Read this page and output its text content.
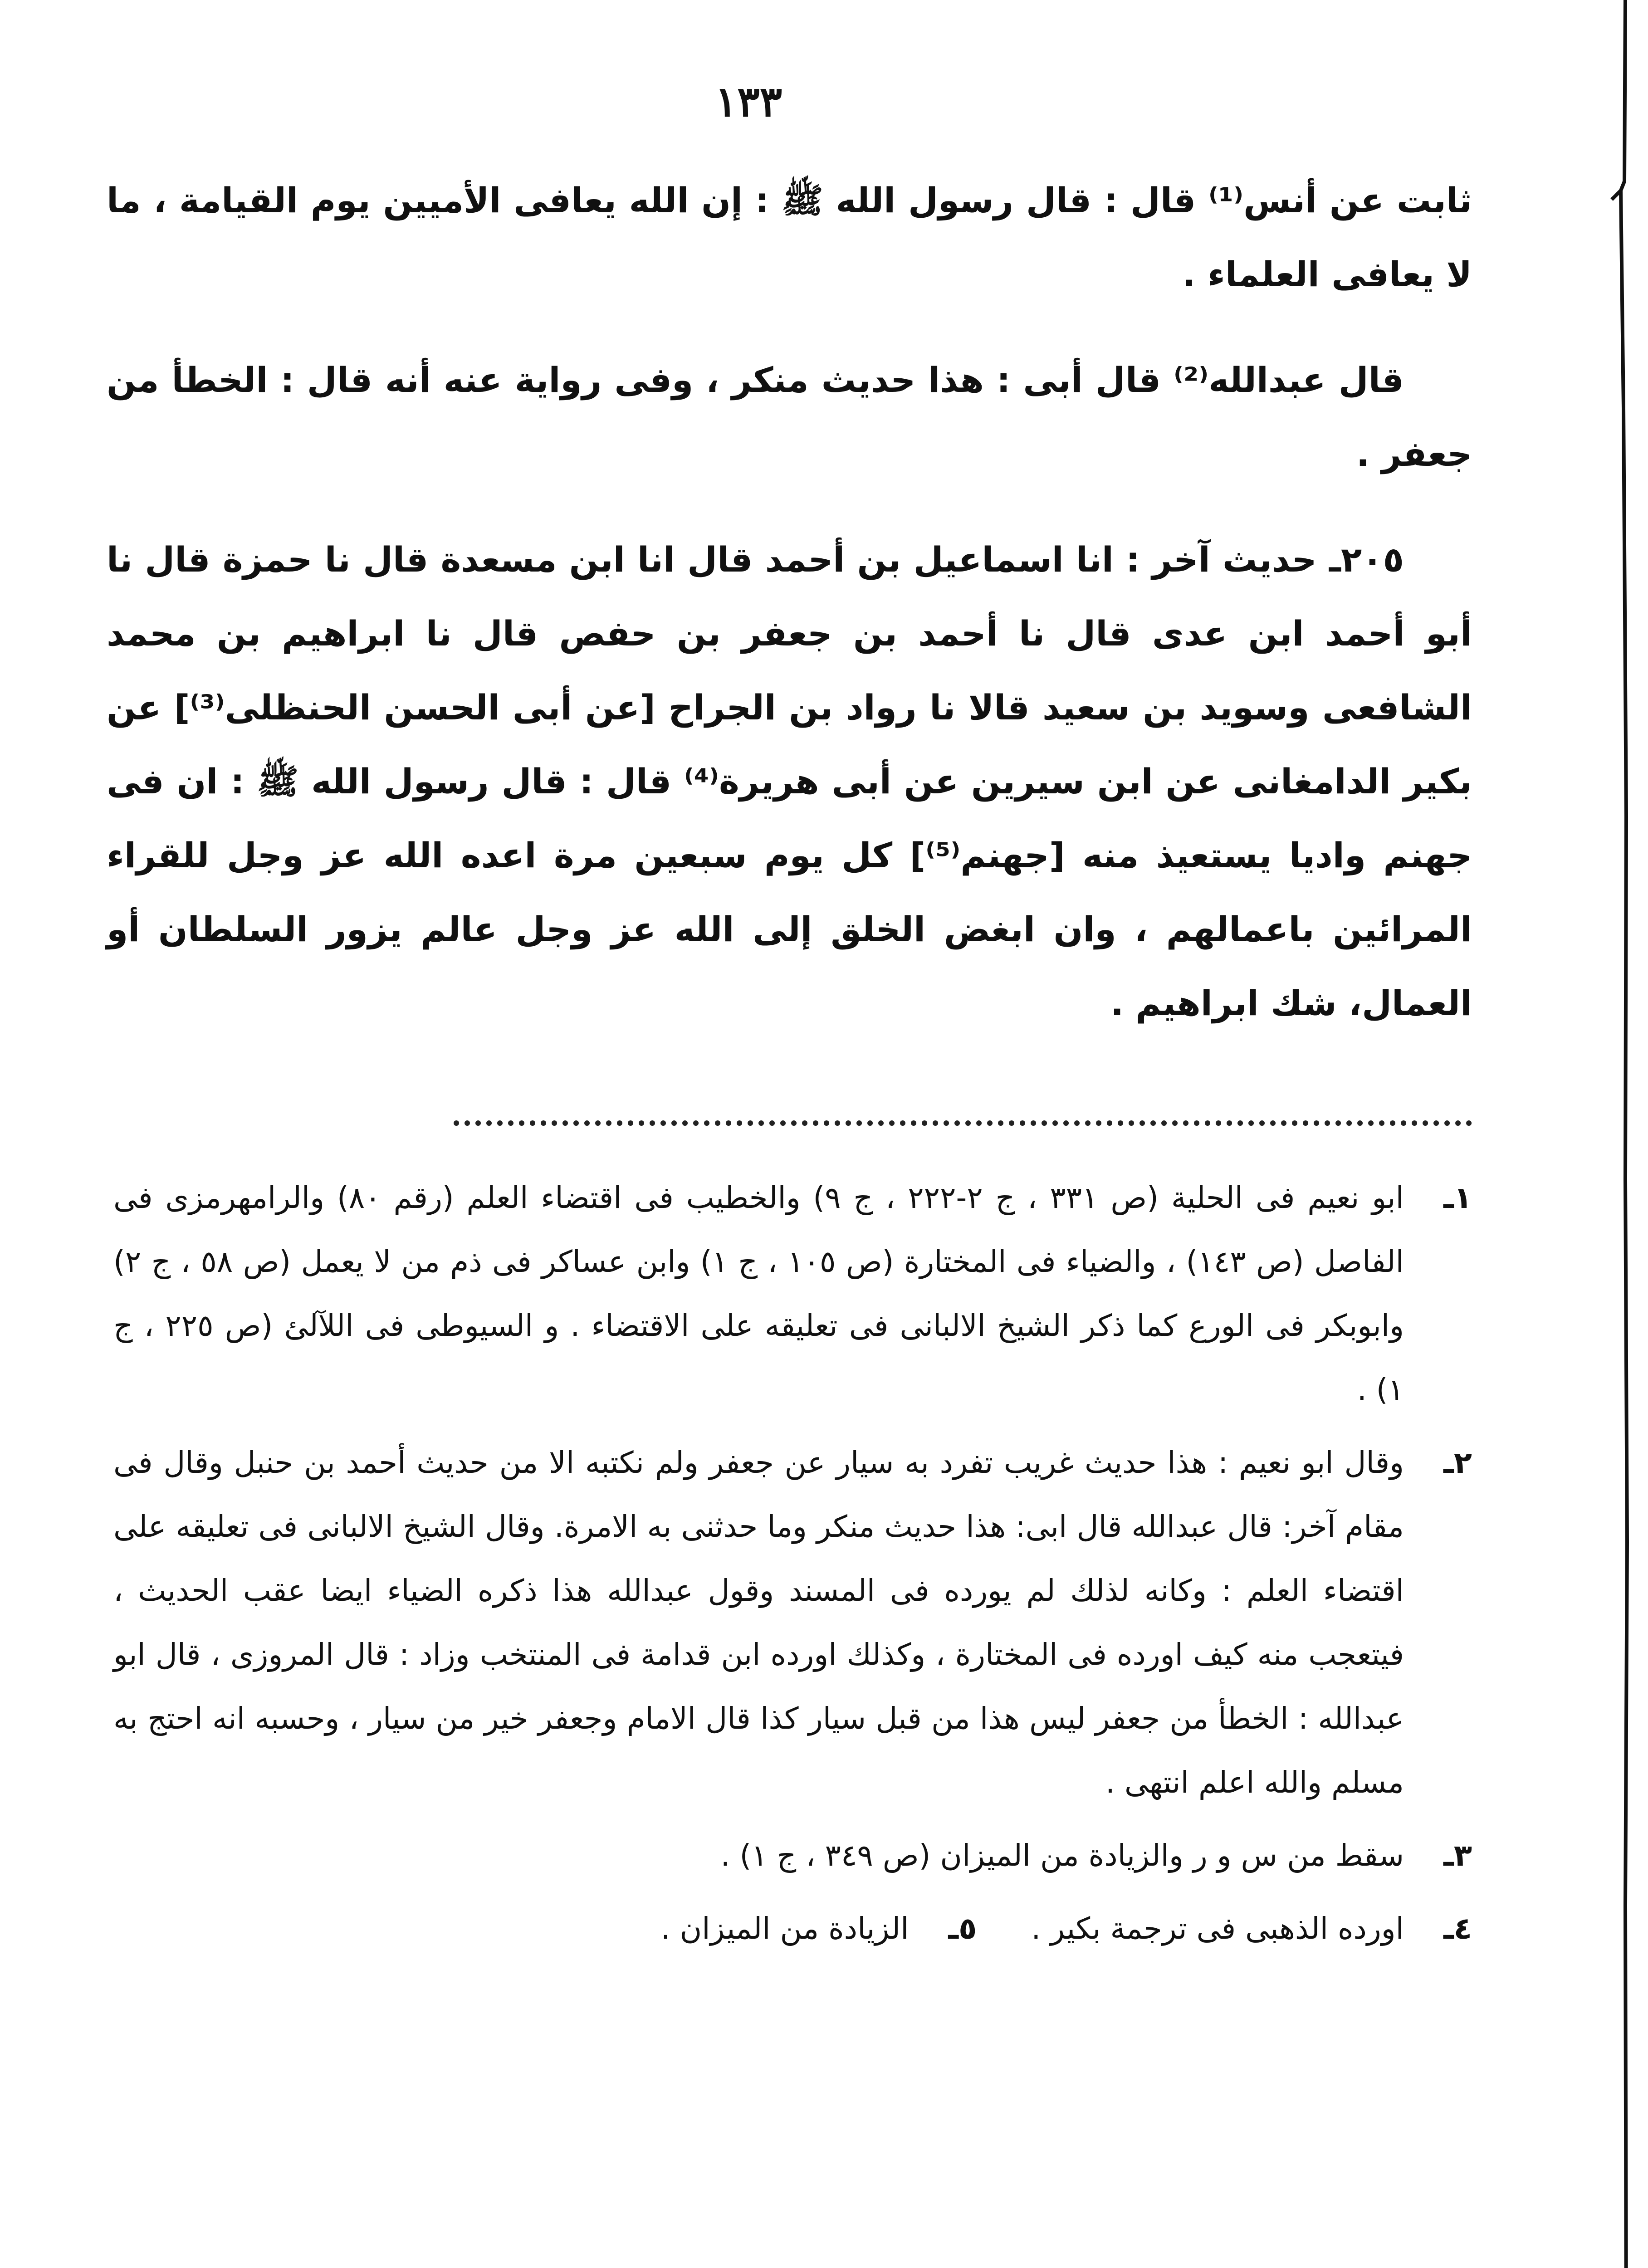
١٣٣

ثابت عن أنس⁽¹⁾ قال : قال رسول الله ﷺ : إن الله يعافى الأميين يوم القيامة ، ما لا يعافى العلماء .

قال عبدالله⁽²⁾ قال أبى : هذا حديث منكر ، وفى رواية عنه أنه قال : الخطأ من جعفر .

٢٠٥ـ حديث آخر : انا اسماعيل بن أحمد قال انا ابن مسعدة قال نا حمزة قال نا أبو أحمد ابن عدى قال نا أحمد بن جعفر بن حفص قال نا ابراهيم بن محمد الشافعى وسويد بن سعيد قالا نا رواد بن الجراح [عن أبى الحسن الحنظلى⁽³⁾] عن بكير الدامغانى عن ابن سيرين عن أبى هريرة⁽⁴⁾ قال : قال رسول الله ﷺ : ان فى جهنم واديا يستعيذ منه [جهنم⁽⁵⁾] كل يوم سبعين مرة اعده الله عز وجل للقراء المرائين باعمالهم ، وان ابغض الخلق إلى الله عز وجل عالم يزور السلطان أو العمال، شك ابراهيم .

١ـ
ابو نعيم فى الحلية (ص ٣٣١ ، ج ٢-٢٢٢ ، ج ٩) والخطيب فى اقتضاء العلم (رقم ٨٠) والرامهرمزى فى الفاصل (ص ١٤٣) ، والضياء فى المختارة (ص ١٠٥ ، ج ١) وابن عساكر فى ذم من لا يعمل (ص ٥٨ ، ج ٢) وابوبكر فى الورع كما ذكر الشيخ الالبانى فى تعليقه على الاقتضاء . و السيوطى فى اللآلئ (ص ٢٢٥ ، ج ١) .
٢ـ
وقال ابو نعيم : هذا حديث غريب تفرد به سيار عن جعفر ولم نكتبه الا من حديث أحمد بن حنبل وقال فى مقام آخر: قال عبدالله قال ابى: هذا حديث منكر وما حدثنى به الامرة. وقال الشيخ الالبانى فى تعليقه على اقتضاء العلم : وكانه لذلك لم يورده فى المسند وقول عبدالله هذا ذكره الضياء ايضا عقب الحديث ، فيتعجب منه كيف اورده فى المختارة ، وكذلك اورده ابن قدامة فى المنتخب وزاد : قال المروزى ، قال ابو عبدالله : الخطأ من جعفر ليس هذا من قبل سيار كذا قال الامام وجعفر خير من سيار ، وحسبه انه احتج به مسلم والله اعلم انتهى .
٣ـ
سقط من س و ر والزيادة من الميزان (ص ٣٤٩ ، ج ١) .
٤ـ
اورده الذهبى فى ترجمة بكير .
٥ـ
الزيادة من الميزان .
